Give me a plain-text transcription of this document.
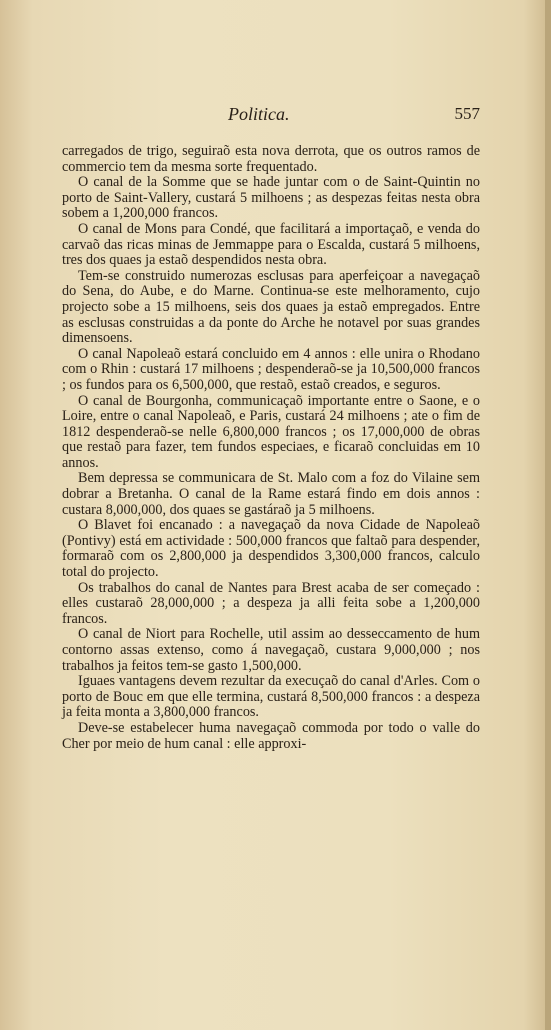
Politica.	557

carregados de trigo, seguiraõ esta nova derrota, que os outros ramos de commercio tem da mesma sorte frequentado.

O canal de la Somme que se hade juntar com o de Saint-Quintin no porto de Saint-Vallery, custará 5 milhoens ; as despezas feitas nesta obra sobem a 1,200,000 francos.

O canal de Mons para Condé, que facilitará a importaçaõ, e venda do carvaõ das ricas minas de Jemmappe para o Escalda, custará 5 milhoens, tres dos quaes ja estaõ despendidos nesta obra.

Tem-se construido numerozas esclusas para aperfeiçoar a navegaçaõ do Sena, do Aube, e do Marne. Continua-se este melhoramento, cujo projecto sobe a 15 milhoens, seis dos quaes ja estaõ empregados. Entre as esclusas construidas a da ponte do Arche he notavel por suas grandes dimensoens.

O canal Napoleaõ estará concluido em 4 annos : elle unira o Rhodano com o Rhin : custará 17 milhoens ; despenderaõ-se ja 10,500,000 francos ; os fundos para os 6,500,000, que restaõ, estaõ creados, e seguros.

O canal de Bourgonha, communicaçaõ importante entre o Saone, e o Loire, entre o canal Napoleaõ, e Paris, custará 24 milhoens ; ate o fim de 1812 despenderaõ-se nelle 6,800,000 francos ; os 17,000,000 de obras que restaõ para fazer, tem fundos especiaes, e ficaraõ concluidas em 10 annos.

Bem depressa se communicara de St. Malo com a foz do Vilaine sem dobrar a Bretanha. O canal de la Rame estará findo em dois annos : custara 8,000,000, dos quaes se gastáraõ ja 5 milhoens.

O Blavet foi encanado : a navegaçaõ da nova Cidade de Napoleaõ (Pontivy) está em actividade : 500,000 francos que faltaõ para despender, formaraõ com os 2,800,000 ja despendidos 3,300,000 francos, calculo total do projecto.

Os trabalhos do canal de Nantes para Brest acaba de ser começado : elles custaraõ 28,000,000 ; a despeza ja alli feita sobe a 1,200,000 francos.

O canal de Niort para Rochelle, util assim ao desseccamento de hum contorno assas extenso, como á navegaçaõ, custara 9,000,000 ; nos trabalhos ja feitos tem-se gasto 1,500,000.

Iguaes vantagens devem rezultar da execuçaõ do canal d'Arles. Com o porto de Bouc em que elle termina, custará 8,500,000 francos : a despeza ja feita monta a 3,800,000 francos.

Deve-se estabelecer huma navegaçaõ commoda por todo o valle do Cher por meio de hum canal : elle approxi-
